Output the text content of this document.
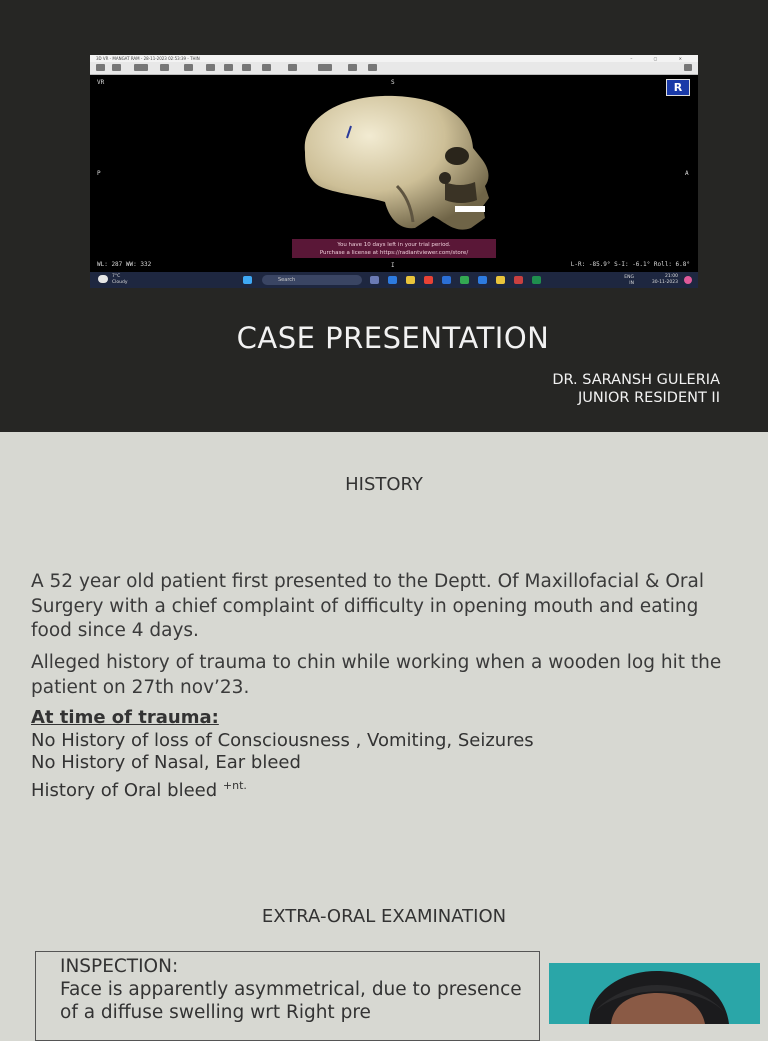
3D VR - MANGAT RAM - 28-11-2023 02:53:39 - THIN	– ▢ ✕
VR	S
P	A
I
R
You have 10 days left in your trial period.
Purchase a license at https://radiantviewer.com/store/
WL: 287 WW: 332	L-R: -85.9° S-I: -6.1° Roll: 6.8°
7°C
Cloudy	Search	ENG
IN
21:00
30-11-2023
CASE PRESENTATION
DR. SARANSH GULERIA
JUNIOR RESIDENT II
HISTORY
A 52 year old patient first presented to the Deptt. Of Maxillofacial & Oral Surgery with a chief complaint of difficulty in opening mouth and eating food since 4 days.
Alleged history of trauma to chin while working when a wooden log hit the patient on 27th nov’23.
At time of trauma:
No History of loss of Consciousness , Vomiting, Seizures
No History of Nasal, Ear bleed
History of Oral bleed $^{+nt.}$
EXTRA-ORAL EXAMINATION
INSPECTION:
Face is apparently asymmetrical, due to presence of a diffuse swelling wrt Right pre
